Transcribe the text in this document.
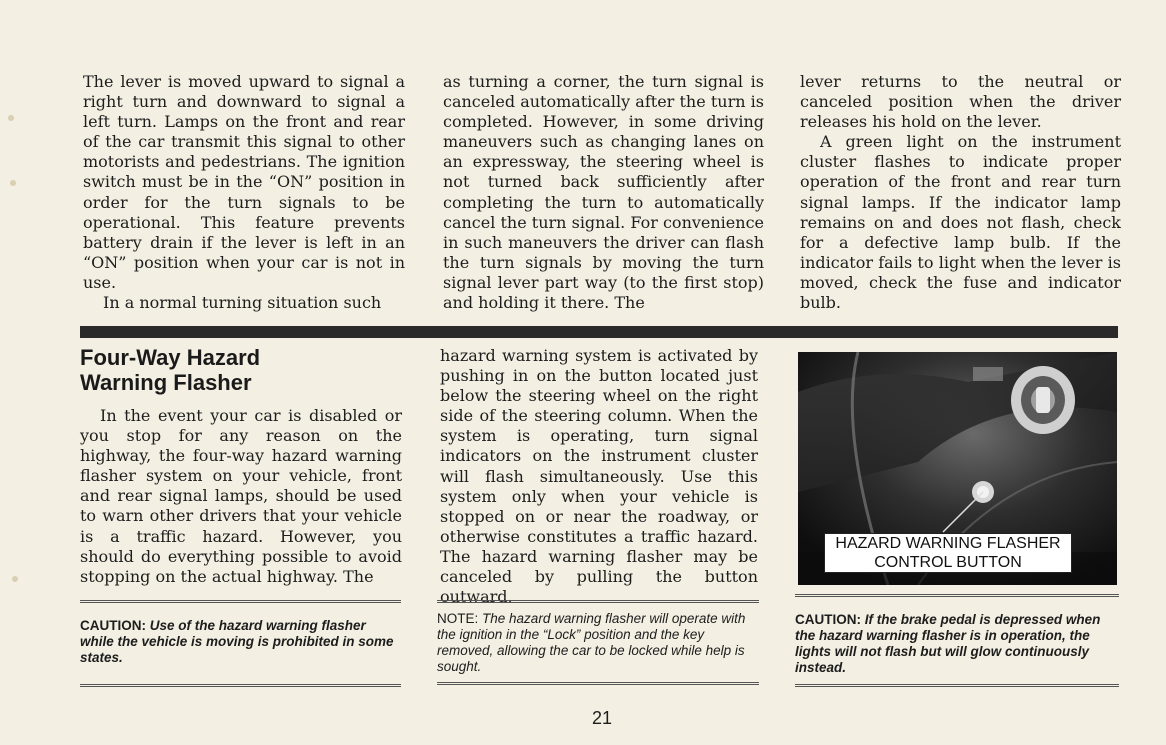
The lever is moved upward to signal a right turn and downward to signal a left turn. Lamps on the front and rear of the car transmit this signal to other motorists and pedestrians. The ignition switch must be in the “ON” position in order for the turn signals to be operational. This feature prevents battery drain if the lever is left in an “ON” position when your car is not in use.

In a normal turning situation such

as turning a corner, the turn signal is canceled automatically after the turn is completed. However, in some driving maneuvers such as changing lanes on an expressway, the steering wheel is not turned back sufficiently after completing the turn to automatically cancel the turn signal. For convenience in such maneuvers the driver can flash the turn signals by moving the turn signal lever part way (to the first stop) and holding it there. The

lever returns to the neutral or canceled position when the driver releases his hold on the lever.

A green light on the instrument cluster flashes to indicate proper operation of the front and rear turn signal lamps. If the indicator lamp remains on and does not flash, check for a defective lamp bulb. If the indicator fails to light when the lever is moved, check the fuse and indicator bulb.

Four-Way Hazard
Warning Flasher

In the event your car is disabled or you stop for any reason on the highway, the four-way hazard warning flasher system on your vehicle, front and rear signal lamps, should be used to warn other drivers that your vehicle is a traffic hazard. However, you should do everything possible to avoid stopping on the actual highway. The

hazard warning system is activated by pushing in on the button located just below the steering wheel on the right side of the steering column. When the system is operating, turn signal indicators on the instrument cluster will flash simultaneously. Use this system only when your vehicle is stopped on or near the roadway, or otherwise constitutes a traffic hazard. The hazard warning flasher may be canceled by pulling the button outward.

HAZARD WARNING FLASHER
CONTROL BUTTON
CAUTION: Use of the hazard warning flasher while the vehicle is moving is prohibited in some states.
NOTE: The hazard warning flasher will operate with the ignition in the “Lock” position and the key removed, allowing the car to be locked while help is sought.
CAUTION: If the brake pedal is depressed when the hazard warning flasher is in operation, the lights will not flash but will glow continuously instead.
21
